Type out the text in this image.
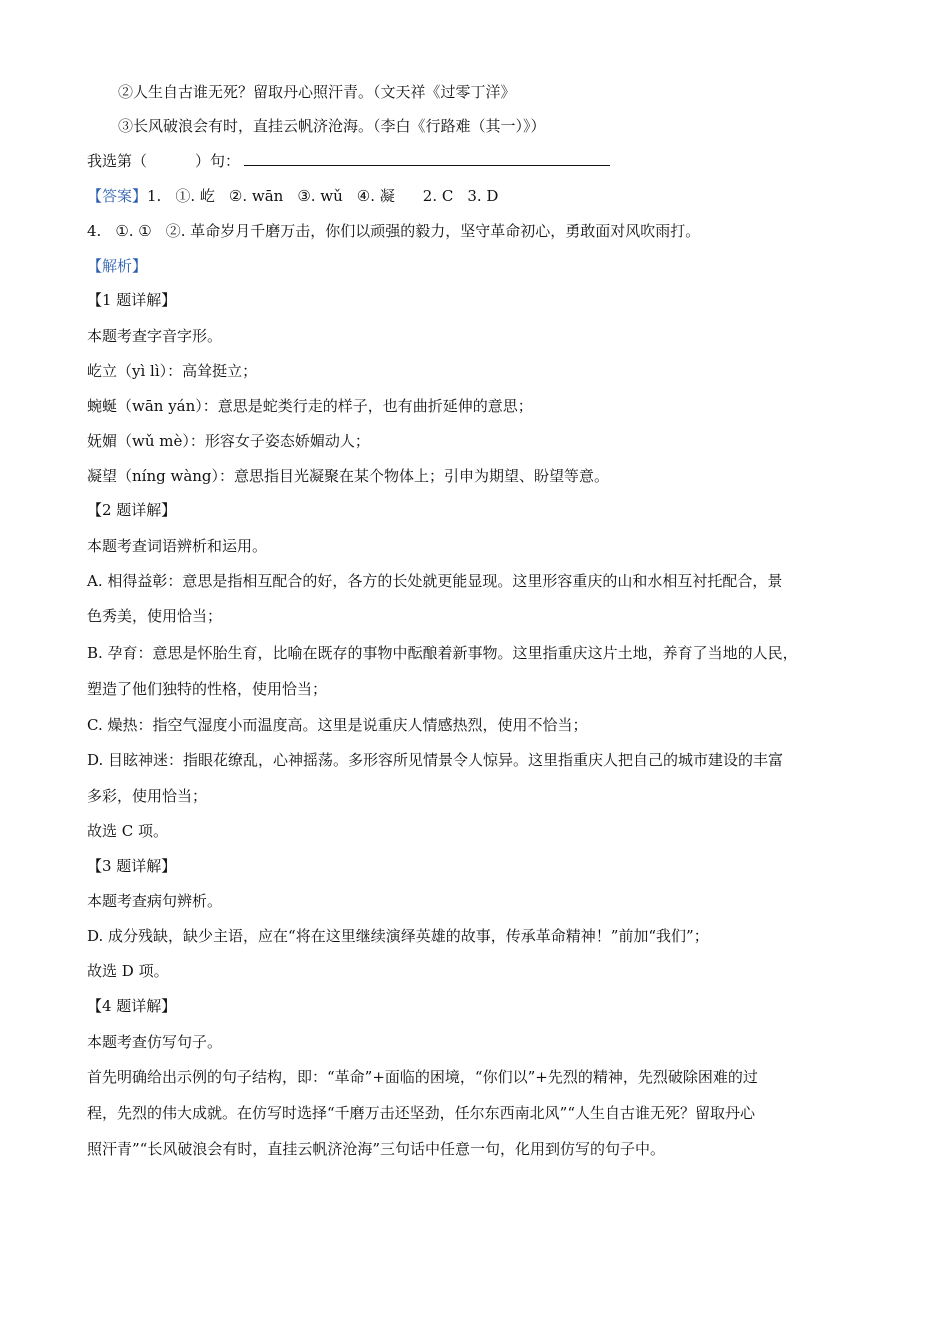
②人生自古谁无死？留取丹心照汗青。（文天祥《过零丁洋》
③长风破浪会有时，直挂云帆济沧海。（李白《行路难（其一）》）
我选第（	）句：
【答案】1. ①. 屹 ②. wān ③. wǔ ④. 凝 2. C 3. D
4. ①. ① ②. 革命岁月千磨万击，你们以顽强的毅力，坚守革命初心，勇敢面对风吹雨打。
【解析】
【1 题详解】
本题考查字音字形。
屹立（yì lì）：高耸挺立；
蜿蜒（wān yán）：意思是蛇类行走的样子，也有曲折延伸的意思；
妩媚（wǔ mè）：形容女子姿态娇媚动人；
凝望（níng wàng）：意思指目光凝聚在某个物体上；引申为期望、盼望等意。
【2 题详解】
本题考查词语辨析和运用。
A. 相得益彰：意思是指相互配合的好，各方的长处就更能显现。这里形容重庆的山和水相互衬托配合，景
色秀美，使用恰当；
B. 孕育：意思是怀胎生育，比喻在既存的事物中酝酿着新事物。这里指重庆这片土地，养育了当地的人民，
塑造了他们独特的性格，使用恰当；
C. 燥热：指空气湿度小而温度高。这里是说重庆人情感热烈，使用不恰当；
D. 目眩神迷：指眼花缭乱，心神摇荡。多形容所见情景令人惊异。这里指重庆人把自己的城市建设的丰富
多彩，使用恰当；
故选 C 项。
【3 题详解】
本题考查病句辨析。
D. 成分残缺，缺少主语，应在“将在这里继续演绎英雄的故事，传承革命精神！”前加“我们”；
故选 D 项。
【4 题详解】
本题考查仿写句子。
首先明确给出示例的句子结构，即：“革命”+面临的困境，“你们以”+先烈的精神，先烈破除困难的过
程，先烈的伟大成就。在仿写时选择“千磨万击还坚劲，任尔东西南北风”“人生自古谁无死？留取丹心
照汗青”“长风破浪会有时，直挂云帆济沧海”三句话中任意一句，化用到仿写的句子中。
